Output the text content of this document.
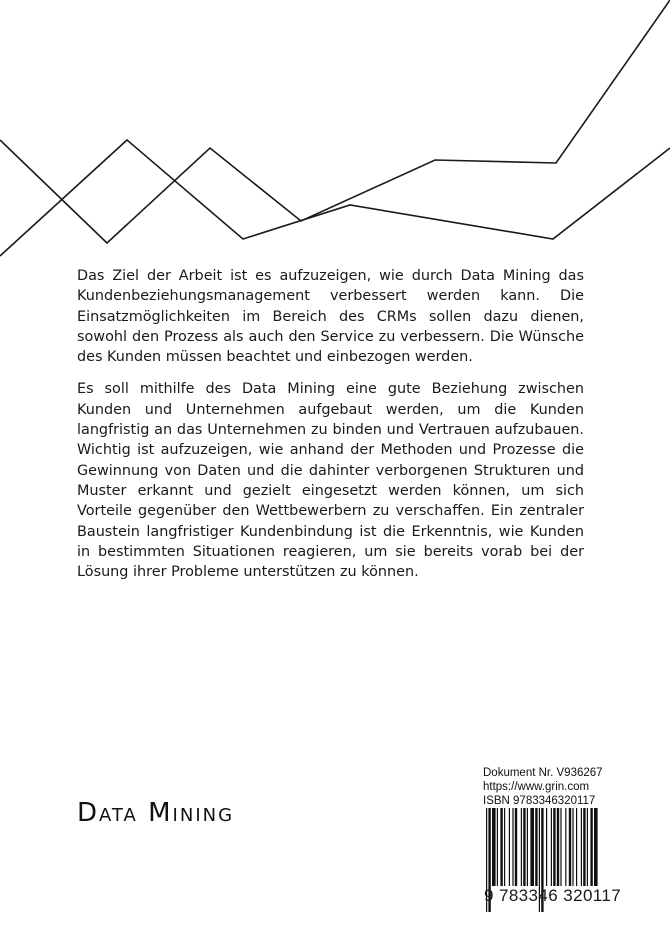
Das Ziel der Arbeit ist es aufzuzeigen, wie durch Data Mining das Kundenbeziehungsmanagement verbessert werden kann. Die Einsatzmöglichkeiten im Bereich des CRMs sollen dazu dienen, sowohl den Prozess als auch den Service zu verbessern. Die Wünsche des Kunden müssen beachtet und einbezogen werden.

Es soll mithilfe des Data Mining eine gute Beziehung zwischen Kunden und Unternehmen aufgebaut werden, um die Kunden langfristig an das Unternehmen zu binden und Vertrauen aufzubauen. Wichtig ist aufzuzeigen, wie anhand der Methoden und Prozesse die Gewinnung von Daten und die dahinter verborgenen Strukturen und Muster erkannt und gezielt eingesetzt werden können, um sich Vorteile gegenüber den Wettbewerbern zu verschaffen. Ein zentraler Baustein langfristiger Kundenbindung ist die Erkenntnis, wie Kunden in bestimmten Situationen reagieren, um sie bereits vorab bei der Lösung ihrer Probleme unterstützen zu können.

Data Mining
Dokument Nr. V936267
https://www.grin.com
ISBN 9783346320117
9 783346 320117
